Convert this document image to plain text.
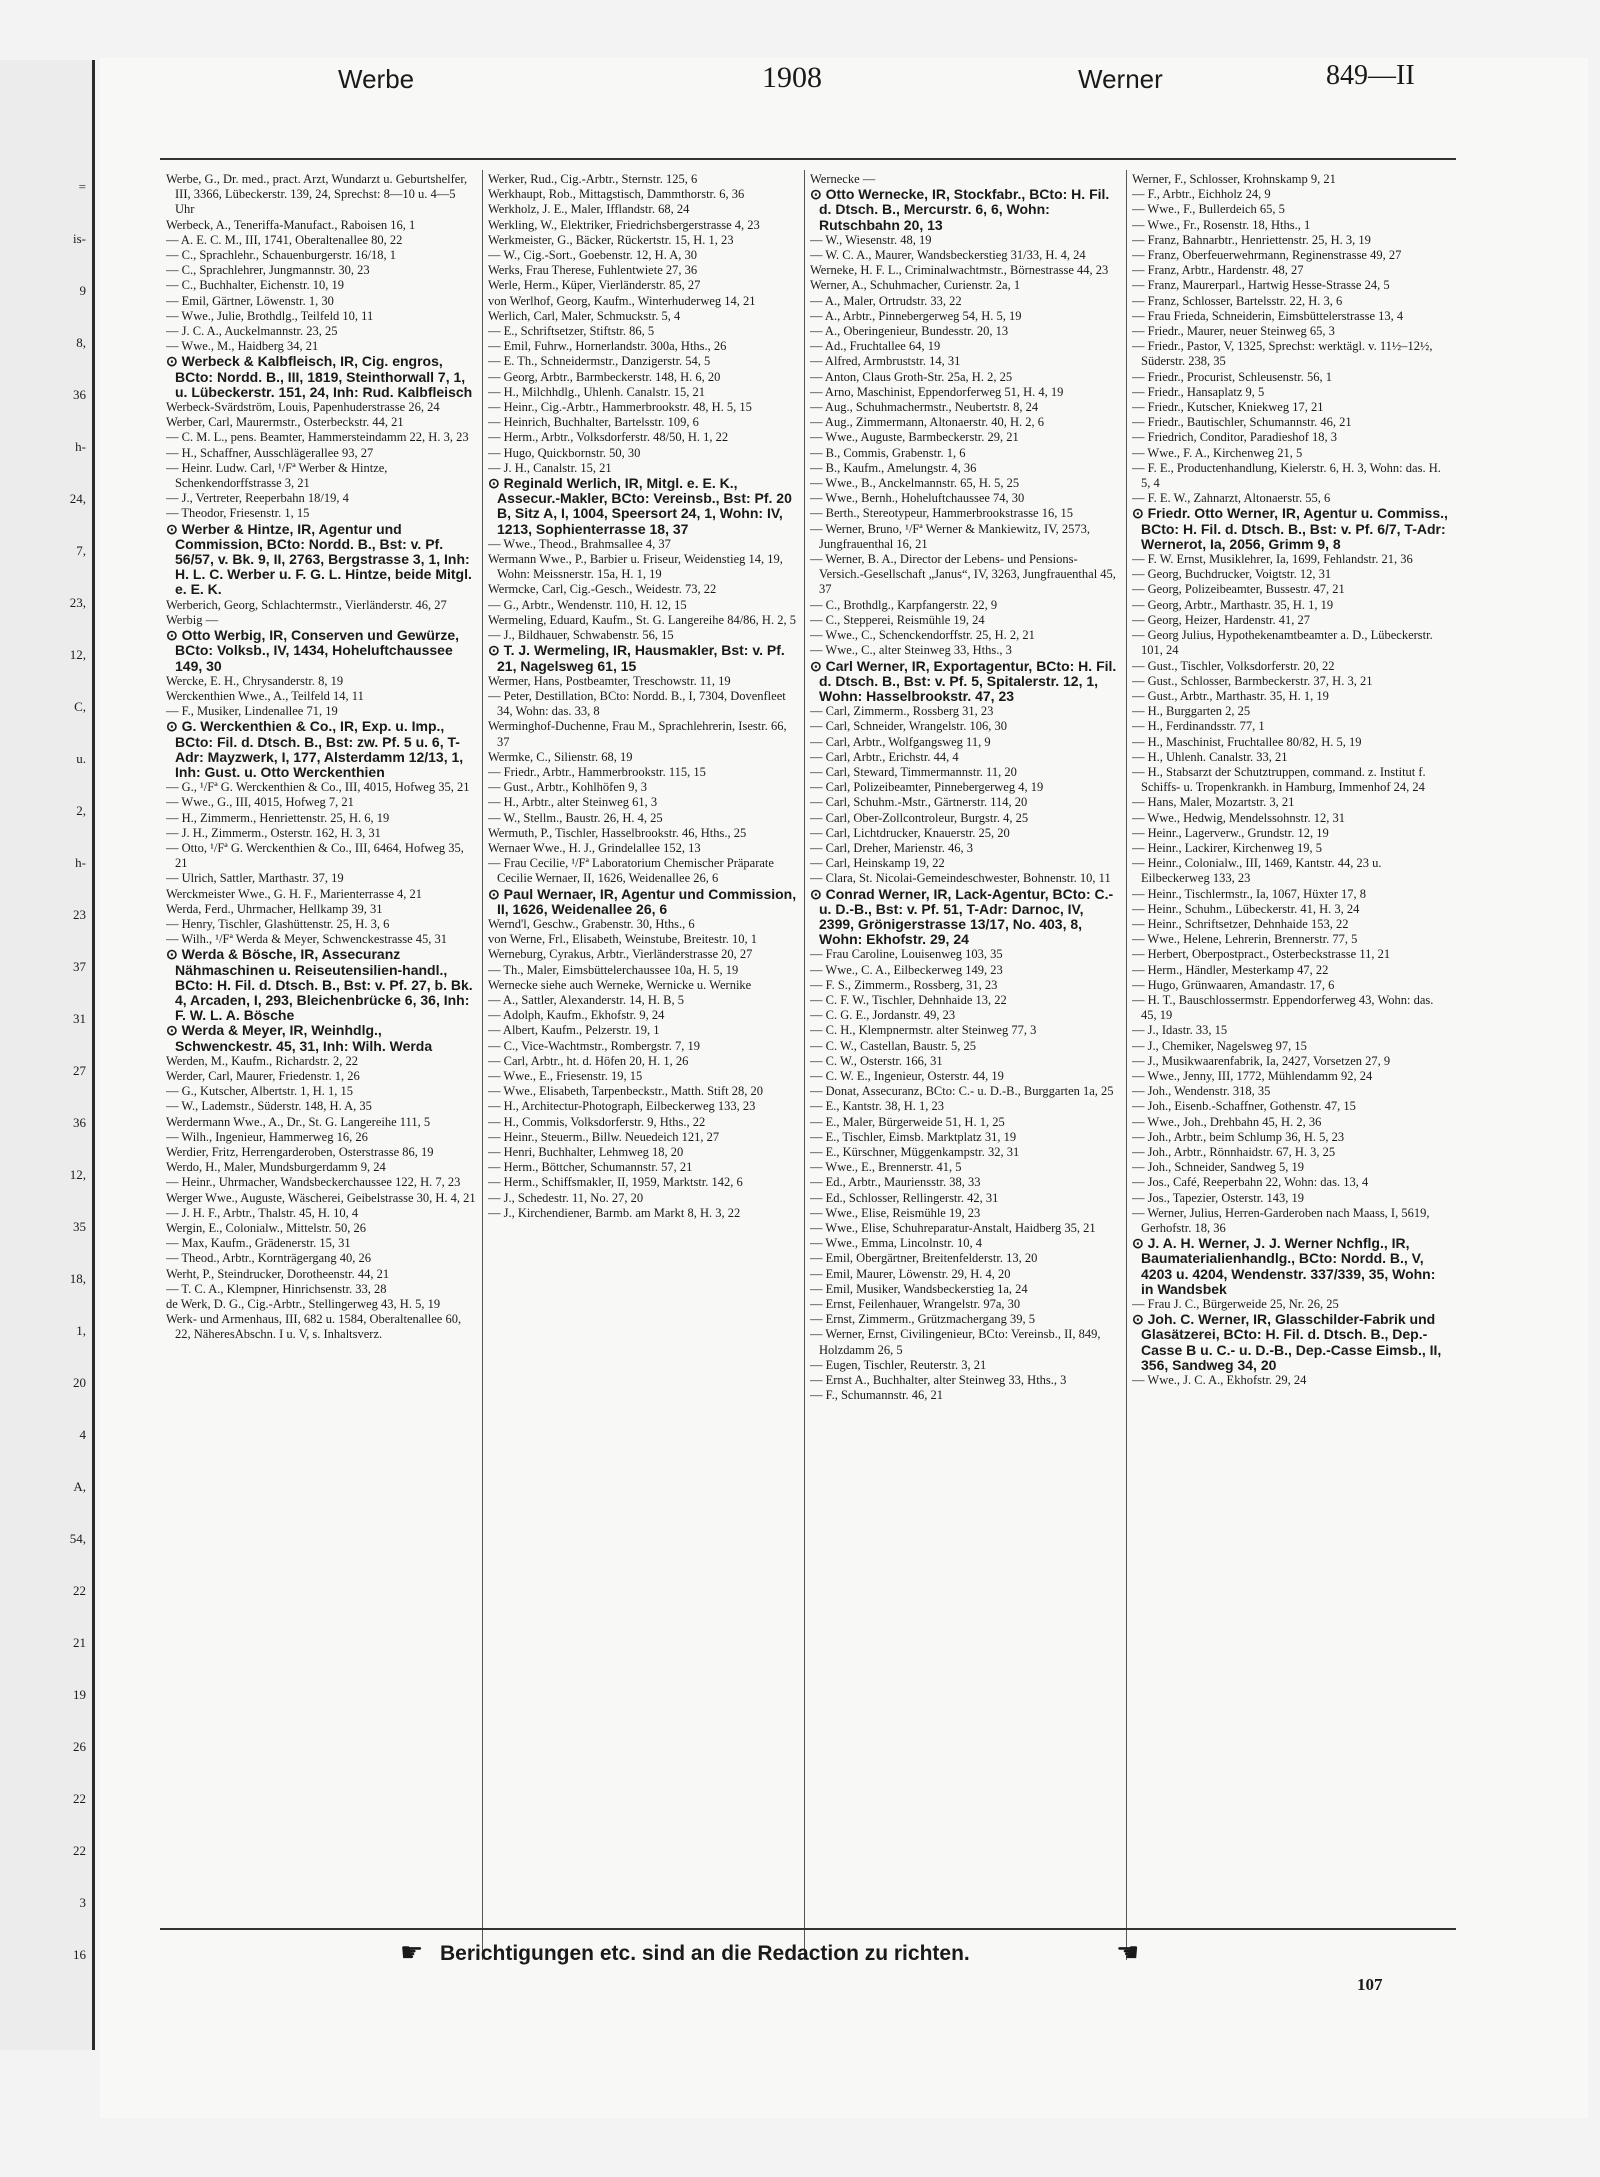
=
is-
9
8,
36
h-
24,
7,
23,
12,
C,
u.
2,
h-
23
37
31
27
36
12,
35
18,
1,
20
4
A,
54,
22
21
19
26
22
22
3
16
Werbe	1908	Werner	849—II

Werbe, G., Dr. med., pract. Arzt, Wundarzt u. Geburtshelfer, III, 3366, Lübeckerstr. 139, 24, Sprechst: 8—10 u. 4—5 Uhr

Werbeck, A., Teneriffa-Manufact., Raboisen 16, 1

— A. E. C. M., III, 1741, Oberaltenallee 80, 22

— C., Sprachlehr., Schauenburgerstr. 16/18, 1

— C., Sprachlehrer, Jungmannstr. 30, 23

— C., Buchhalter, Eichenstr. 10, 19

— Emil, Gärtner, Löwenstr. 1, 30

— Wwe., Julie, Brothdlg., Teilfeld 10, 11

— J. C. A., Auckelmannstr. 23, 25

— Wwe., M., Haidberg 34, 21

⊙ Werbeck & Kalbfleisch, IR, Cig. engros, BCto: Nordd. B., III, 1819, Steinthorwall 7, 1, u. Lübeckerstr. 151, 24, Inh: Rud. Kalbfleisch

Werbeck-Svärdström, Louis, Papenhuderstrasse 26, 24

Werber, Carl, Maurermstr., Osterbeckstr. 44, 21

— C. M. L., pens. Beamter, Hammersteindamm 22, H. 3, 23

— H., Schaffner, Ausschlägerallee 93, 27

— Heinr. Ludw. Carl, ¹/Fª Werber & Hintze, Schenkendorffstrasse 3, 21

— J., Vertreter, Reeperbahn 18/19, 4

— Theodor, Friesenstr. 1, 15

⊙ Werber & Hintze, IR, Agentur und Commission, BCto: Nordd. B., Bst: v. Pf. 56/57, v. Bk. 9, II, 2763, Bergstrasse 3, 1, Inh: H. L. C. Werber u. F. G. L. Hintze, beide Mitgl. e. E. K.

Werberich, Georg, Schlachtermstr., Vierländerstr. 46, 27

Werbig —

⊙ Otto Werbig, IR, Conserven und Gewürze, BCto: Volksb., IV, 1434, Hoheluftchaussee 149, 30

Wercke, E. H., Chrysanderstr. 8, 19

Werckenthien Wwe., A., Teilfeld 14, 11

— F., Musiker, Lindenallee 71, 19

⊙ G. Werckenthien & Co., IR, Exp. u. Imp., BCto: Fil. d. Dtsch. B., Bst: zw. Pf. 5 u. 6, T-Adr: Mayzwerk, I, 177, Alsterdamm 12/13, 1, Inh: Gust. u. Otto Werckenthien

— G., ¹/Fª G. Werckenthien & Co., III, 4015, Hofweg 35, 21

— Wwe., G., III, 4015, Hofweg 7, 21

— H., Zimmerm., Henriettenstr. 25, H. 6, 19

— J. H., Zimmerm., Osterstr. 162, H. 3, 31

— Otto, ¹/Fª G. Werckenthien & Co., III, 6464, Hofweg 35, 21

— Ulrich, Sattler, Marthastr. 37, 19

Werckmeister Wwe., G. H. F., Marienterrasse 4, 21

Werda, Ferd., Uhrmacher, Hellkamp 39, 31

— Henry, Tischler, Glashüttenstr. 25, H. 3, 6

— Wilh., ¹/Fª Werda & Meyer, Schwenckestrasse 45, 31

⊙ Werda & Bösche, IR, Assecuranz Nähmaschinen u. Reiseutensilien-handl., BCto: H. Fil. d. Dtsch. B., Bst: v. Pf. 27, b. Bk. 4, Arcaden, I, 293, Bleichenbrücke 6, 36, Inh: F. W. L. A. Bösche

⊙ Werda & Meyer, IR, Weinhdlg., Schwenckestr. 45, 31, Inh: Wilh. Werda

Werden, M., Kaufm., Richardstr. 2, 22

Werder, Carl, Maurer, Friedenstr. 1, 26

— G., Kutscher, Albertstr. 1, H. 1, 15

— W., Lademstr., Süderstr. 148, H. A, 35

Werdermann Wwe., A., Dr., St. G. Langereihe 111, 5

— Wilh., Ingenieur, Hammerweg 16, 26

Werdier, Fritz, Herrengarderoben, Osterstrasse 86, 19

Werdo, H., Maler, Mundsburgerdamm 9, 24

— Heinr., Uhrmacher, Wandsbeckerchaussee 122, H. 7, 23

Werger Wwe., Auguste, Wäscherei, Geibelstrasse 30, H. 4, 21

— J. H. F., Arbtr., Thalstr. 45, H. 10, 4

Wergin, E., Colonialw., Mittelstr. 50, 26

— Max, Kaufm., Grädenerstr. 15, 31

— Theod., Arbtr., Kornträgergang 40, 26

Werht, P., Steindrucker, Dorotheenstr. 44, 21

— T. C. A., Klempner, Hinrichsenstr. 33, 28

de Werk, D. G., Cig.-Arbtr., Stellingerweg 43, H. 5, 19

Werk- und Armenhaus, III, 682 u. 1584, Oberaltenallee 60, 22, NäheresAbschn. I u. V, s. Inhaltsverz.

Werker, Rud., Cig.-Arbtr., Sternstr. 125, 6

Werkhaupt, Rob., Mittagstisch, Dammthorstr. 6, 36

Werkholz, J. E., Maler, Ifflandstr. 68, 24

Werkling, W., Elektriker, Friedrichsbergerstrasse 4, 23

Werkmeister, G., Bäcker, Rückertstr. 15, H. 1, 23

— W., Cig.-Sort., Goebenstr. 12, H. A, 30

Werks, Frau Therese, Fuhlentwiete 27, 36

Werle, Herm., Küper, Vierländerstr. 85, 27

von Werlhof, Georg, Kaufm., Winterhuderweg 14, 21

Werlich, Carl, Maler, Schmuckstr. 5, 4

— E., Schriftsetzer, Stiftstr. 86, 5

— Emil, Fuhrw., Hornerlandstr. 300a, Hths., 26

— E. Th., Schneidermstr., Danzigerstr. 54, 5

— Georg, Arbtr., Barmbeckerstr. 148, H. 6, 20

— H., Milchhdlg., Uhlenh. Canalstr. 15, 21

— Heinr., Cig.-Arbtr., Hammerbrookstr. 48, H. 5, 15

— Heinrich, Buchhalter, Bartelsstr. 109, 6

— Herm., Arbtr., Volksdorferstr. 48/50, H. 1, 22

— Hugo, Quickbornstr. 50, 30

— J. H., Canalstr. 15, 21

⊙ Reginald Werlich, IR, Mitgl. e. E. K., Assecur.-Makler, BCto: Vereinsb., Bst: Pf. 20 B, Sitz A, I, 1004, Speersort 24, 1, Wohn: IV, 1213, Sophienterrasse 18, 37

— Wwe., Theod., Brahmsallee 4, 37

Wermann Wwe., P., Barbier u. Friseur, Weidenstieg 14, 19, Wohn: Meissnerstr. 15a, H. 1, 19

Wermcke, Carl, Cig.-Gesch., Weidestr. 73, 22

— G., Arbtr., Wendenstr. 110, H. 12, 15

Wermeling, Eduard, Kaufm., St. G. Langereihe 84/86, H. 2, 5

— J., Bildhauer, Schwabenstr. 56, 15

⊙ T. J. Wermeling, IR, Hausmakler, Bst: v. Pf. 21, Nagelsweg 61, 15

Wermer, Hans, Postbeamter, Treschowstr. 11, 19

— Peter, Destillation, BCto: Nordd. B., I, 7304, Dovenfleet 34, Wohn: das. 33, 8

Werminghof-Duchenne, Frau M., Sprachlehrerin, Isestr. 66, 37

Wermke, C., Silienstr. 68, 19

— Friedr., Arbtr., Hammerbrookstr. 115, 15

— Gust., Arbtr., Kohlhöfen 9, 3

— H., Arbtr., alter Steinweg 61, 3

— W., Stellm., Baustr. 26, H. 4, 25

Wermuth, P., Tischler, Hasselbrookstr. 46, Hths., 25

Wernaer Wwe., H. J., Grindelallee 152, 13

— Frau Cecilie, ¹/Fª Laboratorium Chemischer Präparate Cecilie Wernaer, II, 1626, Weidenallee 26, 6

⊙ Paul Wernaer, IR, Agentur und Commission, II, 1626, Weidenallee 26, 6

Wernd'l, Geschw., Grabenstr. 30, Hths., 6

von Werne, Frl., Elisabeth, Weinstube, Breitestr. 10, 1

Werneburg, Cyrakus, Arbtr., Vierländerstrasse 20, 27

— Th., Maler, Eimsbüttelerchaussee 10a, H. 5, 19

Wernecke siehe auch Werneke, Wernicke u. Wernike

— A., Sattler, Alexanderstr. 14, H. B, 5

— Adolph, Kaufm., Ekhofstr. 9, 24

— Albert, Kaufm., Pelzerstr. 19, 1

— C., Vice-Wachtmstr., Rombergstr. 7, 19

— Carl, Arbtr., ht. d. Höfen 20, H. 1, 26

— Wwe., E., Friesenstr. 19, 15

— Wwe., Elisabeth, Tarpenbeckstr., Matth. Stift 28, 20

— H., Architectur-Photograph, Eilbeckerweg 133, 23

— H., Commis, Volksdorferstr. 9, Hths., 22

— Heinr., Steuerm., Billw. Neuedeich 121, 27

— Henri, Buchhalter, Lehmweg 18, 20

— Herm., Böttcher, Schumannstr. 57, 21

— Herm., Schiffsmakler, II, 1959, Marktstr. 142, 6

— J., Schedestr. 11, No. 27, 20

— J., Kirchendiener, Barmb. am Markt 8, H. 3, 22

Wernecke —

⊙ Otto Wernecke, IR, Stockfabr., BCto: H. Fil. d. Dtsch. B., Mercurstr. 6, 6, Wohn: Rutschbahn 20, 13

— W., Wiesenstr. 48, 19

— W. C. A., Maurer, Wandsbeckerstieg 31/33, H. 4, 24

Werneke, H. F. L., Criminalwachtmstr., Börnestrasse 44, 23

Werner, A., Schuhmacher, Curienstr. 2a, 1

— A., Maler, Ortrudstr. 33, 22

— A., Arbtr., Pinnebergerweg 54, H. 5, 19

— A., Oberingenieur, Bundesstr. 20, 13

— Ad., Fruchtallee 64, 19

— Alfred, Armbruststr. 14, 31

— Anton, Claus Groth-Str. 25a, H. 2, 25

— Arno, Maschinist, Eppendorferweg 51, H. 4, 19

— Aug., Schuhmachermstr., Neubertstr. 8, 24

— Aug., Zimmermann, Altonaerstr. 40, H. 2, 6

— Wwe., Auguste, Barmbeckerstr. 29, 21

— B., Commis, Grabenstr. 1, 6

— B., Kaufm., Amelungstr. 4, 36

— Wwe., B., Anckelmannstr. 65, H. 5, 25

— Wwe., Bernh., Hoheluftchaussee 74, 30

— Berth., Stereotypeur, Hammerbrookstrasse 16, 15

— Werner, Bruno, ¹/Fª Werner & Mankiewitz, IV, 2573, Jungfrauenthal 16, 21

— Werner, B. A., Director der Lebens- und Pensions-Versich.-Gesellschaft „Janus“, IV, 3263, Jungfrauenthal 45, 37

— C., Brothdlg., Karpfangerstr. 22, 9

— C., Stepperei, Reismühle 19, 24

— Wwe., C., Schenckendorffstr. 25, H. 2, 21

— Wwe., C., alter Steinweg 33, Hths., 3

⊙ Carl Werner, IR, Exportagentur, BCto: H. Fil. d. Dtsch. B., Bst: v. Pf. 5, Spitalerstr. 12, 1, Wohn: Hasselbrookstr. 47, 23

— Carl, Zimmerm., Rossberg 31, 23

— Carl, Schneider, Wrangelstr. 106, 30

— Carl, Arbtr., Wolfgangsweg 11, 9

— Carl, Arbtr., Erichstr. 44, 4

— Carl, Steward, Timmermannstr. 11, 20

— Carl, Polizeibeamter, Pinnebergerweg 4, 19

— Carl, Schuhm.-Mstr., Gärtnerstr. 114, 20

— Carl, Ober-Zollcontroleur, Burgstr. 4, 25

— Carl, Lichtdrucker, Knauerstr. 25, 20

— Carl, Dreher, Marienstr. 46, 3

— Carl, Heinskamp 19, 22

— Clara, St. Nicolai-Gemeindeschwester, Bohnenstr. 10, 11

⊙ Conrad Werner, IR, Lack-Agentur, BCto: C.- u. D.-B., Bst: v. Pf. 51, T-Adr: Darnoc, IV, 2399, Grönigerstrasse 13/17, No. 403, 8, Wohn: Ekhofstr. 29, 24

— Frau Caroline, Louisenweg 103, 35

— Wwe., C. A., Eilbeckerweg 149, 23

— F. S., Zimmerm., Rossberg, 31, 23

— C. F. W., Tischler, Dehnhaide 13, 22

— C. G. E., Jordanstr. 49, 23

— C. H., Klempnermstr. alter Steinweg 77, 3

— C. W., Castellan, Baustr. 5, 25

— C. W., Osterstr. 166, 31

— C. W. E., Ingenieur, Osterstr. 44, 19

— Donat, Assecuranz, BCto: C.- u. D.-B., Burggarten 1a, 25

— E., Kantstr. 38, H. 1, 23

— E., Maler, Bürgerweide 51, H. 1, 25

— E., Tischler, Eimsb. Marktplatz 31, 19

— E., Kürschner, Müggenkampstr. 32, 31

— Wwe., E., Brennerstr. 41, 5

— Ed., Arbtr., Mauriensstr. 38, 33

— Ed., Schlosser, Rellingerstr. 42, 31

— Wwe., Elise, Reismühle 19, 23

— Wwe., Elise, Schuhreparatur-Anstalt, Haidberg 35, 21

— Wwe., Emma, Lincolnstr. 10, 4

— Emil, Obergärtner, Breitenfelderstr. 13, 20

— Emil, Maurer, Löwenstr. 29, H. 4, 20

— Emil, Musiker, Wandsbeckerstieg 1a, 24

— Ernst, Feilenhauer, Wrangelstr. 97a, 30

— Ernst, Zimmerm., Grützmachergang 39, 5

— Werner, Ernst, Civilingenieur, BCto: Vereinsb., II, 849, Holzdamm 26, 5

— Eugen, Tischler, Reuterstr. 3, 21

— Ernst A., Buchhalter, alter Steinweg 33, Hths., 3

— F., Schumannstr. 46, 21

Werner, F., Schlosser, Krohnskamp 9, 21

— F., Arbtr., Eichholz 24, 9

— Wwe., F., Bullerdeich 65, 5

— Wwe., Fr., Rosenstr. 18, Hths., 1

— Franz, Bahnarbtr., Henriettenstr. 25, H. 3, 19

— Franz, Oberfeuerwehrmann, Reginenstrasse 49, 27

— Franz, Arbtr., Hardenstr. 48, 27

— Franz, Maurerparl., Hartwig Hesse-Strasse 24, 5

— Franz, Schlosser, Bartelsstr. 22, H. 3, 6

— Frau Frieda, Schneiderin, Eimsbüttelerstrasse 13, 4

— Friedr., Maurer, neuer Steinweg 65, 3

— Friedr., Pastor, V, 1325, Sprechst: werktägl. v. 11½–12½, Süderstr. 238, 35

— Friedr., Procurist, Schleusenstr. 56, 1

— Friedr., Hansaplatz 9, 5

— Friedr., Kutscher, Kniekweg 17, 21

— Friedr., Bautischler, Schumannstr. 46, 21

— Friedrich, Conditor, Paradieshof 18, 3

— Wwe., F. A., Kirchenweg 21, 5

— F. E., Productenhandlung, Kielerstr. 6, H. 3, Wohn: das. H. 5, 4

— F. E. W., Zahnarzt, Altonaerstr. 55, 6

⊙ Friedr. Otto Werner, IR, Agentur u. Commiss., BCto: H. Fil. d. Dtsch. B., Bst: v. Pf. 6/7, T-Adr: Wernerot, Ia, 2056, Grimm 9, 8

— F. W. Ernst, Musiklehrer, Ia, 1699, Fehlandstr. 21, 36

— Georg, Buchdrucker, Voigtstr. 12, 31

— Georg, Polizeibeamter, Bussestr. 47, 21

— Georg, Arbtr., Marthastr. 35, H. 1, 19

— Georg, Heizer, Hardenstr. 41, 27

— Georg Julius, Hypothekenamtbeamter a. D., Lübeckerstr. 101, 24

— Gust., Tischler, Volksdorferstr. 20, 22

— Gust., Schlosser, Barmbeckerstr. 37, H. 3, 21

— Gust., Arbtr., Marthastr. 35, H. 1, 19

— H., Burggarten 2, 25

— H., Ferdinandsstr. 77, 1

— H., Maschinist, Fruchtallee 80/82, H. 5, 19

— H., Uhlenh. Canalstr. 33, 21

— H., Stabsarzt der Schutztruppen, command. z. Institut f. Schiffs- u. Tropenkrankh. in Hamburg, Immenhof 24, 24

— Hans, Maler, Mozartstr. 3, 21

— Wwe., Hedwig, Mendelssohnstr. 12, 31

— Heinr., Lagerverw., Grundstr. 12, 19

— Heinr., Lackirer, Kirchenweg 19, 5

— Heinr., Colonialw., III, 1469, Kantstr. 44, 23 u. Eilbeckerweg 133, 23

— Heinr., Tischlermstr., Ia, 1067, Hüxter 17, 8

— Heinr., Schuhm., Lübeckerstr. 41, H. 3, 24

— Heinr., Schriftsetzer, Dehnhaide 153, 22

— Wwe., Helene, Lehrerin, Brennerstr. 77, 5

— Herbert, Oberpostpract., Osterbeckstrasse 11, 21

— Herm., Händler, Mesterkamp 47, 22

— Hugo, Grünwaaren, Amandastr. 17, 6

— H. T., Bauschlossermstr. Eppendorferweg 43, Wohn: das. 45, 19

— J., Idastr. 33, 15

— J., Chemiker, Nagelsweg 97, 15

— J., Musikwaarenfabrik, Ia, 2427, Vorsetzen 27, 9

— Wwe., Jenny, III, 1772, Mühlendamm 92, 24

— Joh., Wendenstr. 318, 35

— Joh., Eisenb.-Schaffner, Gothenstr. 47, 15

— Wwe., Joh., Drehbahn 45, H. 2, 36

— Joh., Arbtr., beim Schlump 36, H. 5, 23

— Joh., Arbtr., Rönnhaidstr. 67, H. 3, 25

— Joh., Schneider, Sandweg 5, 19

— Jos., Café, Reeperbahn 22, Wohn: das. 13, 4

— Jos., Tapezier, Osterstr. 143, 19

— Werner, Julius, Herren-Garderoben nach Maass, I, 5619, Gerhofstr. 18, 36

⊙ J. A. H. Werner, J. J. Werner Nchflg., IR, Baumaterialienhandlg., BCto: Nordd. B., V, 4203 u. 4204, Wendenstr. 337/339, 35, Wohn: in Wandsbek

— Frau J. C., Bürgerweide 25, Nr. 26, 25

⊙ Joh. C. Werner, IR, Glasschilder-Fabrik und Glasätzerei, BCto: H. Fil. d. Dtsch. B., Dep.-Casse B u. C.- u. D.-B., Dep.-Casse Eimsb., II, 356, Sandweg 34, 20

— Wwe., J. C. A., Ekhofstr. 29, 24

☛ Berichtigungen etc. sind an die Redaction zu richten.	☚
107
